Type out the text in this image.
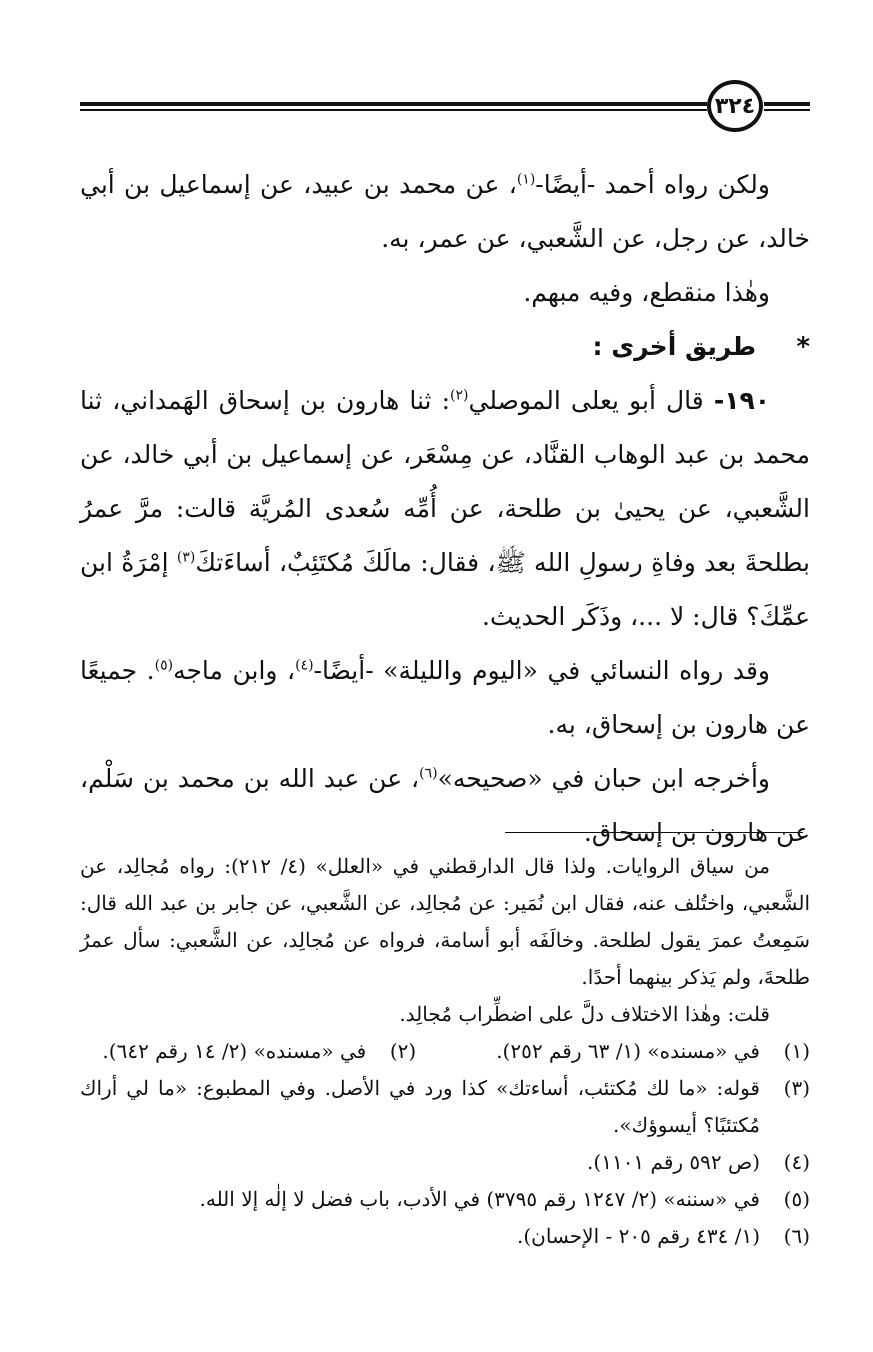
٣٢٤

ولكن رواه أحمد -أيضًا-$^{(١)}$، عن محمد بن عبيد، عن إسماعيل بن أبي خالد، عن رجل، عن الشَّعبي، عن عمر، به.

وهٰذا منقطع، وفيه مبهم.

*
طريق أخرى :

١٩٠- قال أبو يعلى الموصلي$^{(٢)}$: ثنا هارون بن إسحاق الهَمداني، ثنا محمد بن عبد الوهاب القنَّاد، عن مِسْعَر، عن إسماعيل بن أبي خالد، عن الشَّعبي، عن يحيىٰ بن طلحة، عن أُمِّه سُعدى المُريَّة قالت: مرَّ عمرُ بطلحةَ بعد وفاةِ رسولِ الله ﷺ، فقال: مالَكَ مُكتَئِبٌ، أساءَتكَ$^{(٣)}$ إمْرَةُ ابن عمِّكَ؟ قال: لا ...، وذَكَر الحديث.

وقد رواه النسائي في «اليوم والليلة» -أيضًا-$^{(٤)}$، وابن ماجه$^{(٥)}$. جميعًا عن هارون بن إسحاق، به.

وأخرجه ابن حبان في «صحيحه»$^{(٦)}$، عن عبد الله بن محمد بن سَلْم، عن هارون بن إسحاق.

من سياق الروايات. ولذا قال الدارقطني في «العلل» (٤/ ٢١٢): رواه مُجالِد، عن الشَّعبي، واختُلف عنه، فقال ابن نُمَير: عن مُجالِد، عن الشَّعبي، عن جابر بن عبد الله قال: سَمِعتُ عمرَ يقول لطلحة. وخالَفَه أبو أسامة، فرواه عن مُجالِد، عن الشَّعبي: سأل عمرُ طلحةَ، ولم يَذكر بينهما أحدًا.

قلت: وهٰذا الاختلاف دلَّ على اضطِّراب مُجالِد.

(١)
في «مسنده» (١/ ٦٣ رقم ٢٥٢).
(٢)
في «مسنده» (٢/ ١٤ رقم ٦٤٢).
(٣)
قوله: «ما لك مُكتئب، أساءتك» كذا ورد في الأصل. وفي المطبوع: «ما لي أراك مُكتئبًا؟ أيسوؤك».
(٤)
(ص ٥٩٢ رقم ١١٠١).
(٥)
في «سننه» (٢/ ١٢٤٧ رقم ٣٧٩٥) في الأدب، باب فضل لا إلٰه إلا الله.
(٦)
(١/ ٤٣٤ رقم ٢٠٥ - الإحسان).
